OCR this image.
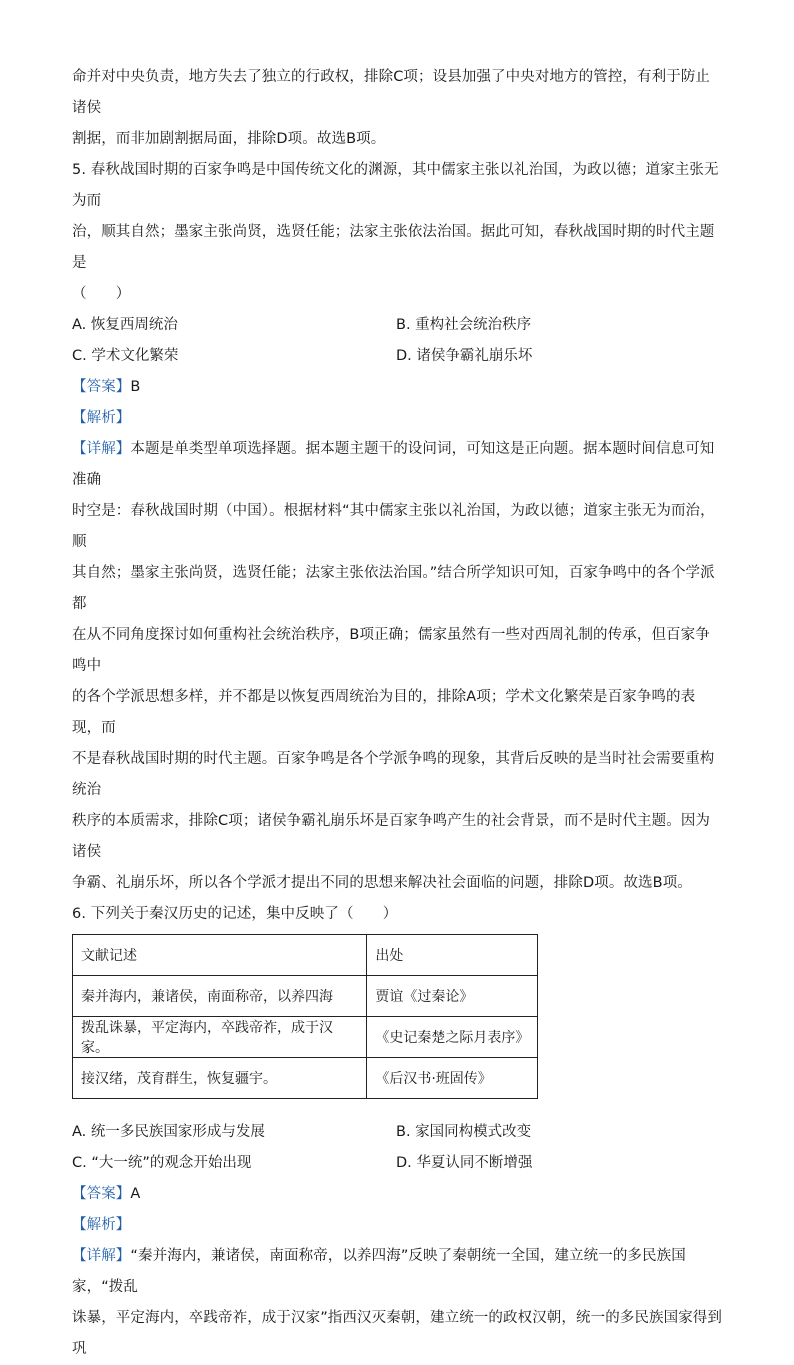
命并对中央负责，地方失去了独立的行政权，排除C项；设县加强了中央对地方的管控，有利于防止诸侯

割据，而非加剧割据局面，排除D项。故选B项。

5. 春秋战国时期的百家争鸣是中国传统文化的渊源，其中儒家主张以礼治国，为政以德；道家主张无为而

治，顺其自然；墨家主张尚贤，选贤任能；法家主张依法治国。据此可知，春秋战国时期的时代主题是

（　　）

A. 恢复西周统治	B. 重构社会统治秩序
C. 学术文化繁荣	D. 诸侯争霸礼崩乐坏

【答案】B

【解析】

【详解】本题是单类型单项选择题。据本题主题干的设问词，可知这是正向题。据本题时间信息可知准确

时空是：春秋战国时期（中国）。根据材料“其中儒家主张以礼治国，为政以德；道家主张无为而治，顺

其自然；墨家主张尚贤，选贤任能；法家主张依法治国。”结合所学知识可知，百家争鸣中的各个学派都

在从不同角度探讨如何重构社会统治秩序，B项正确；儒家虽然有一些对西周礼制的传承，但百家争鸣中

的各个学派思想多样，并不都是以恢复西周统治为目的，排除A项；学术文化繁荣是百家争鸣的表现，而

不是春秋战国时期的时代主题。百家争鸣是各个学派争鸣的现象，其背后反映的是当时社会需要重构统治

秩序的本质需求，排除C项；诸侯争霸礼崩乐坏是百家争鸣产生的社会背景，而不是时代主题。因为诸侯

争霸、礼崩乐坏，所以各个学派才提出不同的思想来解决社会面临的问题，排除D项。故选B项。

6. 下列关于秦汉历史的记述，集中反映了（　　）

文献记述	出处
秦并海内，兼诸侯，南面称帝，以养四海	贾谊《过秦论》
拨乱诛暴，平定海内，卒践帝祚，成于汉家。	《史记秦楚之际月表序》
接汉绪，茂育群生，恢复疆宇。	《后汉书·班固传》
A. 统一多民族国家形成与发展	B. 家国同构模式改变
C. “大一统”的观念开始出现	D. 华夏认同不断增强

【答案】A

【解析】

【详解】“秦并海内，兼诸侯，南面称帝，以养四海”反映了秦朝统一全国，建立统一的多民族国家，“拨乱

诛暴，平定海内，卒践帝祚，成于汉家”指西汉灭秦朝，建立统一的政权汉朝，统一的多民族国家得到巩
